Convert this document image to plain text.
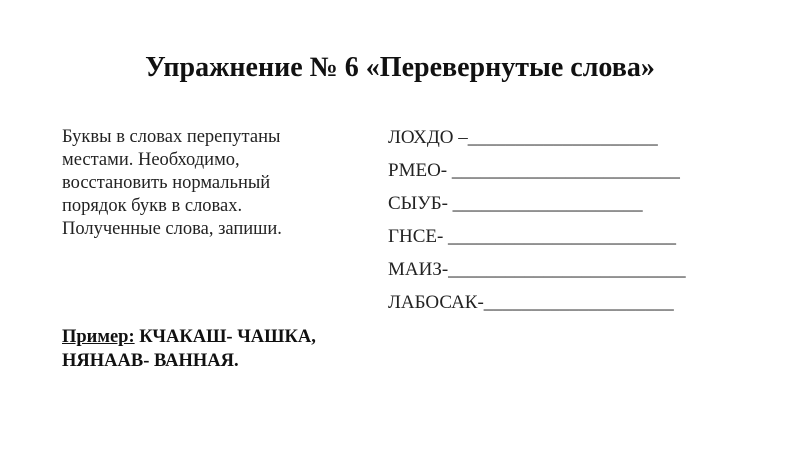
Упражнение № 6 «Перевернутые слова»
Буквы в словах перепутаны
местами. Необходимо,
восстановить нормальный
порядок букв в словах.
Полученные слова, запиши.
Пример: КЧАКАШ- ЧАШКА,
НЯНААВ- ВАННАЯ.
ЛОХДО –____________________
РМЕО- ________________________
СЫУБ- ____________________
ГНСЕ- ________________________
МАИЗ-_________________________
ЛАБОСАК-____________________
